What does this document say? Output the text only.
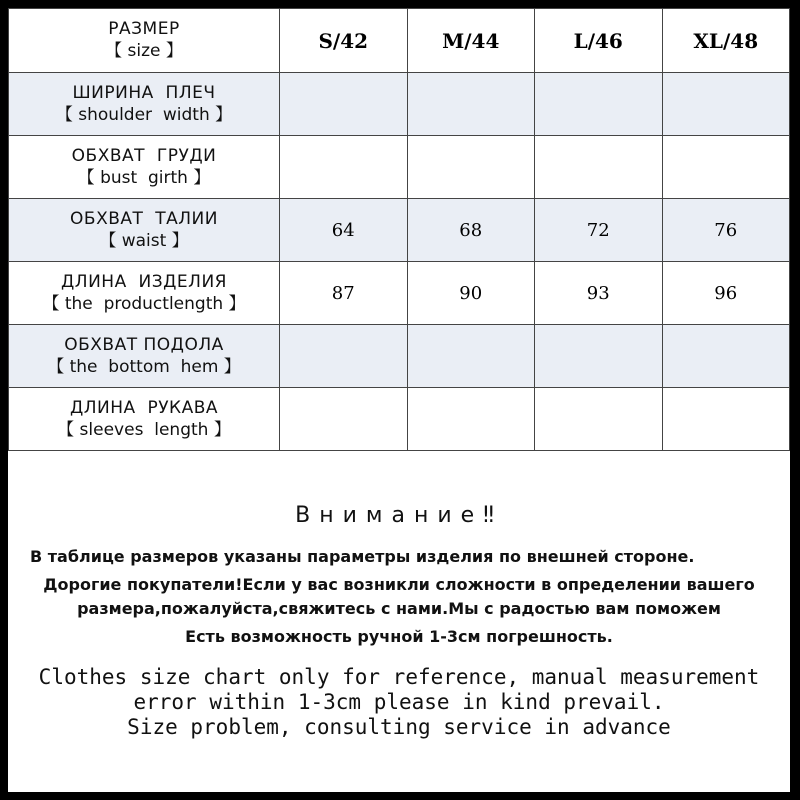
РАЗМЕР
【 size 】	S/42	M/44	L/46	XL/48

ШИРИНА  ПЛЕЧ
【 shoulder  width 】				

ОБХВАТ  ГРУДИ
【 bust  girth 】				

ОБХВАТ  ТАЛИИ
【 waist 】	64	68	72	76

ДЛИНА  ИЗДЕЛИЯ
【 the  productlength 】	87	90	93	96

ОБХВАТ ПОДОЛА
【 the  bottom  hem 】				

ДЛИНА  РУКАВА
【 sleeves  length 】				

Внимание‼
В таблице размеров указаны параметры изделия по внешней стороне.
Дорогие покупатели!Если у вас возникли сложности в определении вашего
размера,пожалуйста,свяжитесь с нами.Мы с радостью вам поможем
Есть возможность ручной 1-3cм погрешность.
Clothes size chart only for reference, manual measurement
error within 1-3cm please in kind prevail.
Size problem, consulting service in advance
